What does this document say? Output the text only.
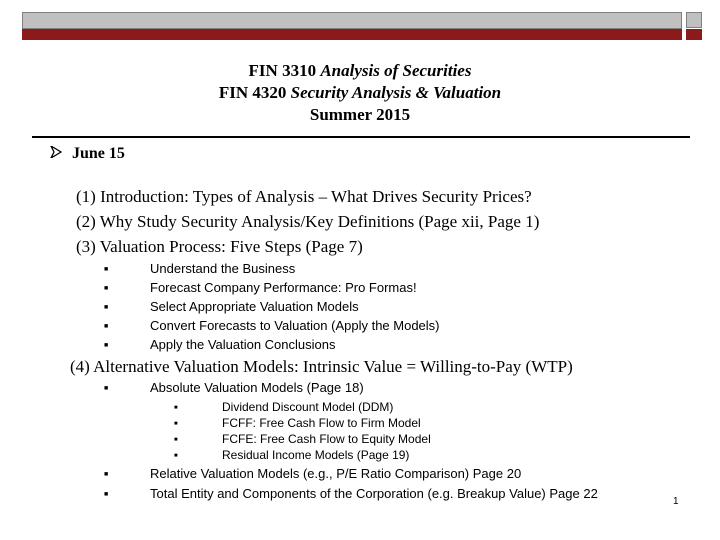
FIN 3310 Analysis of Securities
FIN 4320 Security Analysis & Valuation
Summer 2015
June 15
(1) Introduction: Types of Analysis – What Drives Security Prices?
(2) Why Study Security Analysis/Key Definitions (Page xii, Page 1)
(3) Valuation Process: Five Steps (Page 7)
■	Understand the Business
■	Forecast Company Performance: Pro Formas!
■	Select Appropriate Valuation Models
■	Convert Forecasts to Valuation (Apply the Models)
■	Apply the Valuation Conclusions
(4) Alternative Valuation Models: Intrinsic Value = Willing-to-Pay (WTP)
■	Absolute Valuation Models (Page 18)
■	Dividend Discount Model (DDM)
■	FCFF: Free Cash Flow to Firm Model
■	FCFE: Free Cash Flow to Equity Model
■	Residual Income Models (Page 19)
■	Relative Valuation Models (e.g., P/E Ratio Comparison) Page 20
■	Total Entity and Components of the Corporation (e.g. Breakup Value) Page 22
1
